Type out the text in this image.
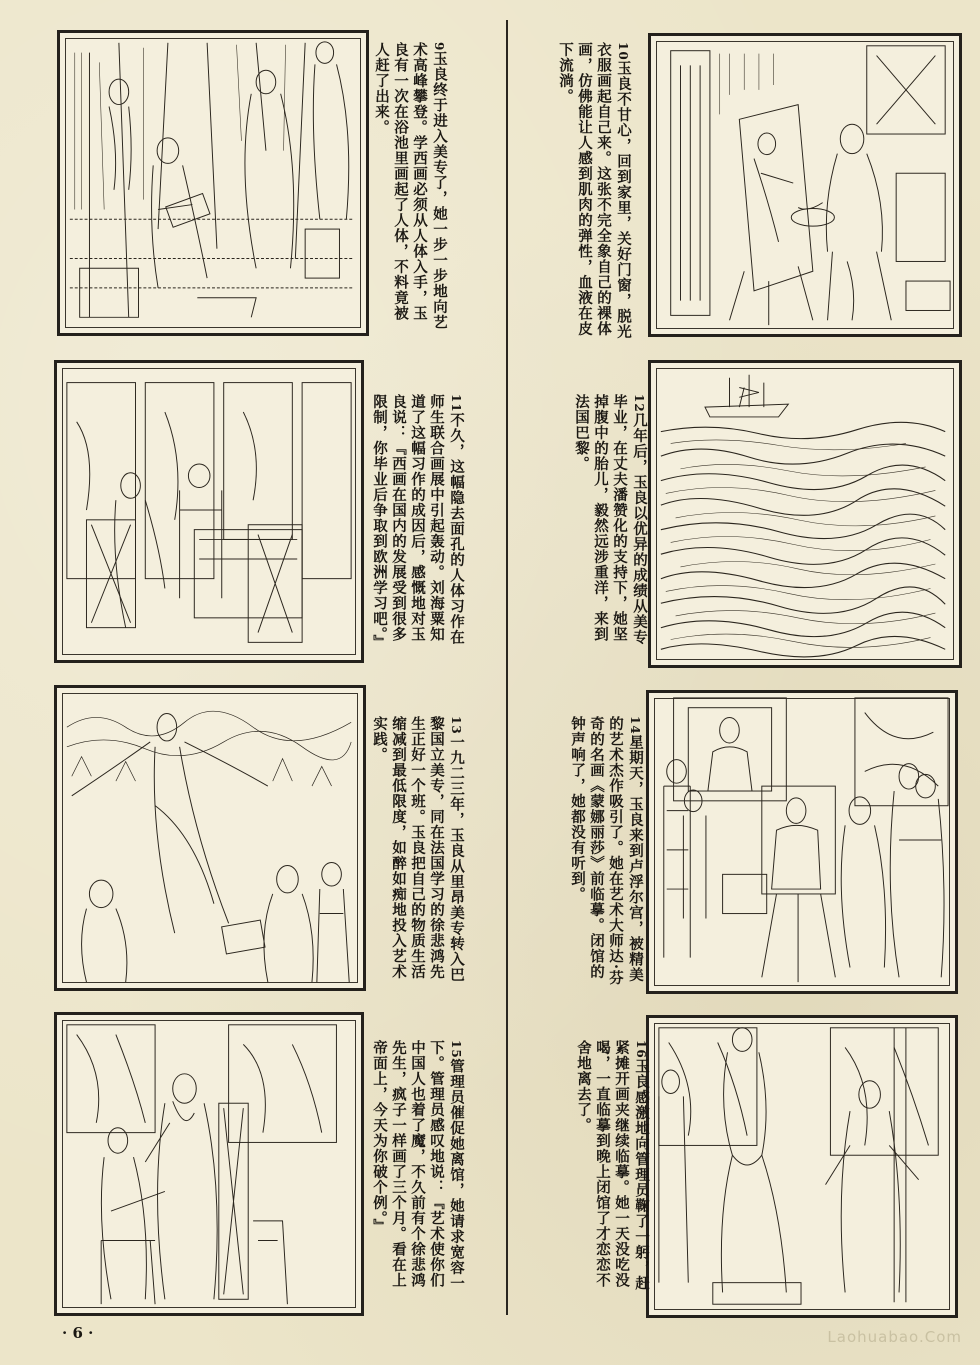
9玉良终于进入美专了，她一步一步地向艺术高峰攀登。学西画必须从人体入手，玉良有一次在浴池里画起了人体，不料竟被人赶了出来。	10玉良不甘心，回到家里，关好门窗，脱光衣服画起自己来。这张不完全象自己的裸体画，仿佛能让人感到肌肉的弹性，血液在皮下流淌。
11不久，这幅隐去面孔的人体习作在师生联合画展中引起轰动。刘海粟知道了这幅习作的成因后，感慨地对玉良说：『西画在国内的发展受到很多限制，你毕业后争取到欧洲学习吧。』	12几年后，玉良以优异的成绩从美专毕业，在丈夫潘赞化的支持下，她坚掉腹中的胎儿，毅然远涉重洋，来到法国巴黎。
13一九二三年，玉良从里昂美专转入巴黎国立美专，同在法国学习的徐悲鸿先生正好一个班。玉良把自己的物质生活缩减到最低限度，如醉如痴地投入艺术实践。	14星期天，玉良来到卢浮尔宫，被精美的艺术杰作吸引了。她在艺术大师达·芬奇的名画《蒙娜丽莎》前临摹。闭馆的钟声响了，她都没有听到。
15管理员催促她离馆，她请求宽容一下。管理员感叹地说：『艺术使你们中国人也着了魔，不久前有个徐悲鸿先生，疯子一样画了三个月。看在上帝面上，今天为你破个例。』	16玉良感激地向管理员鞠了一躬，赶紧摊开画夹继续临摹。她一天没吃没喝，一直临摹到晚上闭馆了才恋恋不舍地离去了。
· 6 ·	Laohuabao.Com
